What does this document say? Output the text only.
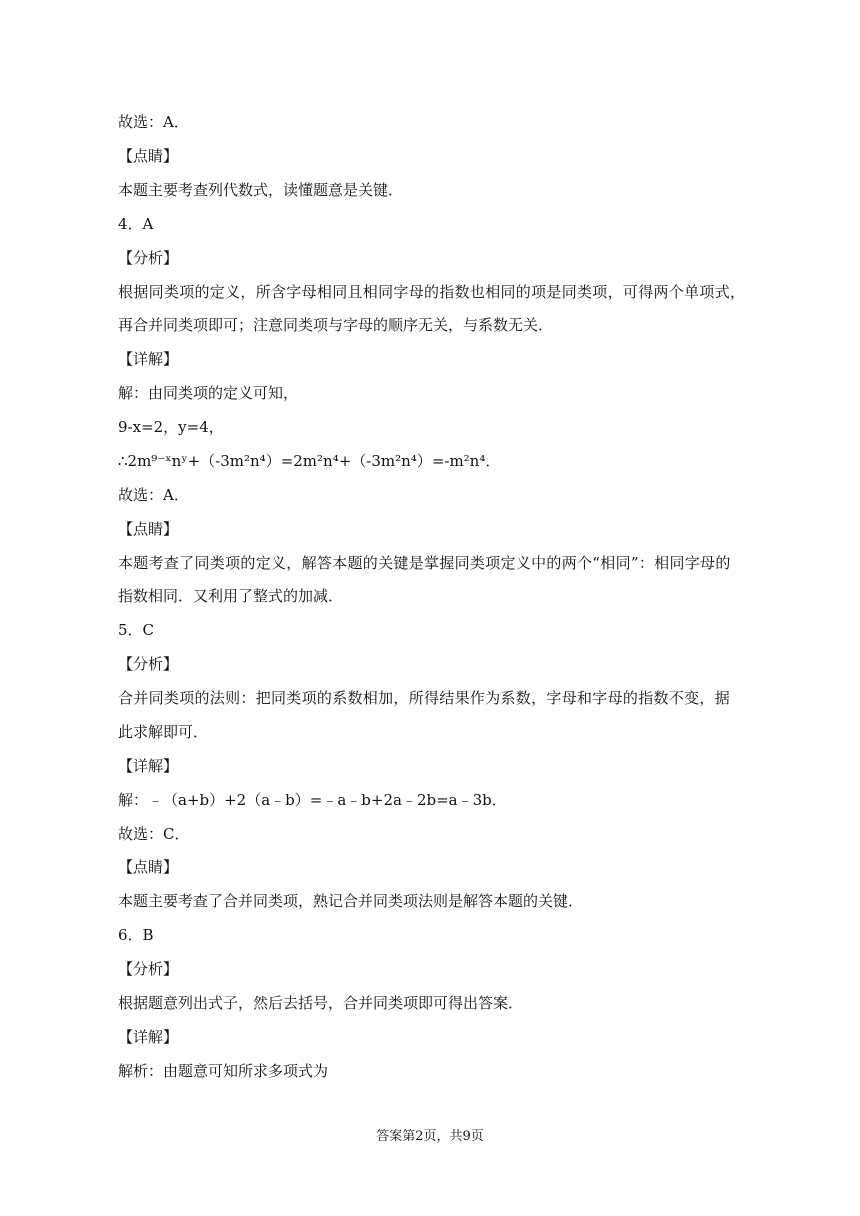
故选：A．
【点睛】
本题主要考查列代数式，读懂题意是关键．
4．A
【分析】
根据同类项的定义，所含字母相同且相同字母的指数也相同的项是同类项，可得两个单项式，
再合并同类项即可；注意同类项与字母的顺序无关，与系数无关．
【详解】
解：由同类项的定义可知，
9-x=2，y=4，
∴2m⁹⁻ˣnʸ+（-3m²n⁴）=2m²n⁴+（-3m²n⁴）=-m²n⁴．
故选：A．
【点睛】
本题考查了同类项的定义，解答本题的关键是掌握同类项定义中的两个“相同”：相同字母的
指数相同．又利用了整式的加减．
5．C
【分析】
合并同类项的法则：把同类项的系数相加，所得结果作为系数，字母和字母的指数不变，据
此求解即可．
【详解】
解：﹣（a+b）+2（a﹣b）=﹣a﹣b+2a﹣2b=a﹣3b．
故选：C．
【点睛】
本题主要考查了合并同类项，熟记合并同类项法则是解答本题的关键．
6．B
【分析】
根据题意列出式子，然后去括号，合并同类项即可得出答案．
【详解】
解析：由题意可知所求多项式为
答案第2页，共9页
